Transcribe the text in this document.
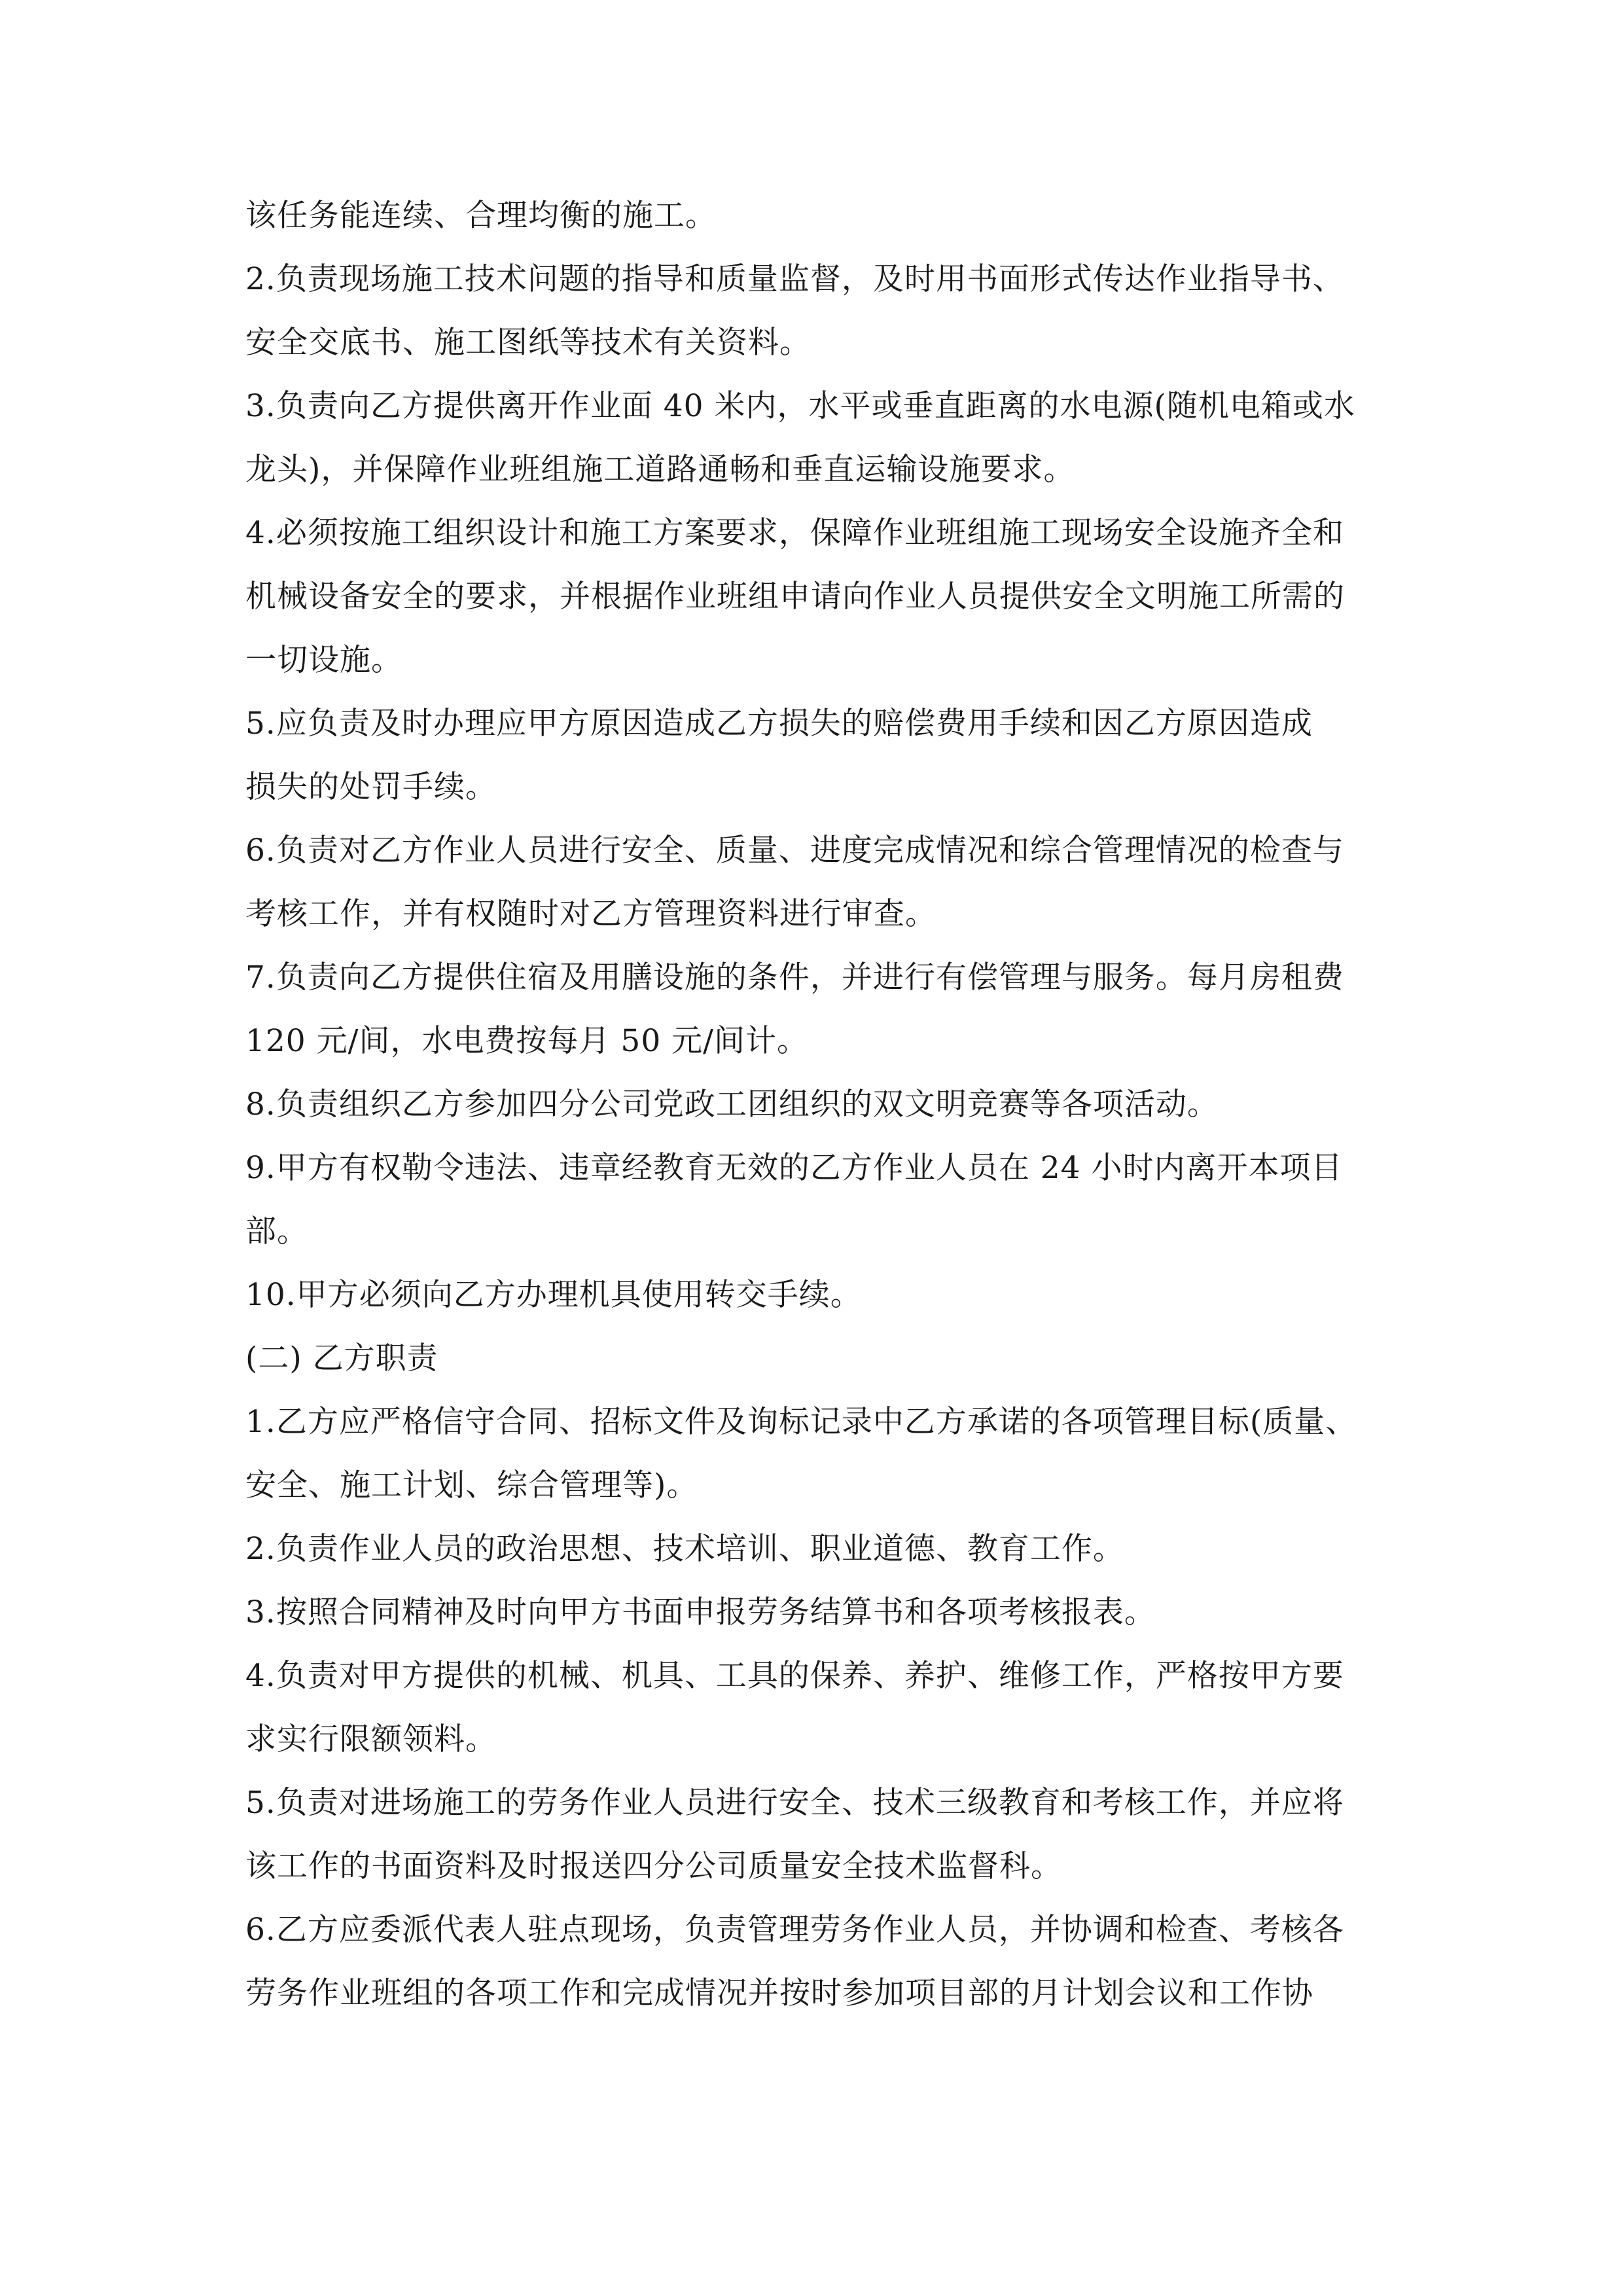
该任务能连续、合理均衡的施工。
2.负责现场施工技术问题的指导和质量监督，及时用书面形式传达作业指导书、
安全交底书、施工图纸等技术有关资料。
3.负责向乙方提供离开作业面 40 米内，水平或垂直距离的水电源(随机电箱或水
龙头)，并保障作业班组施工道路通畅和垂直运输设施要求。
4.必须按施工组织设计和施工方案要求，保障作业班组施工现场安全设施齐全和
机械设备安全的要求，并根据作业班组申请向作业人员提供安全文明施工所需的
一切设施。
5.应负责及时办理应甲方原因造成乙方损失的赔偿费用手续和因乙方原因造成
损失的处罚手续。
6.负责对乙方作业人员进行安全、质量、进度完成情况和综合管理情况的检查与
考核工作，并有权随时对乙方管理资料进行审查。
7.负责向乙方提供住宿及用膳设施的条件，并进行有偿管理与服务。每月房租费
120 元/间，水电费按每月 50 元/间计。
8.负责组织乙方参加四分公司党政工团组织的双文明竞赛等各项活动。
9.甲方有权勒令违法、违章经教育无效的乙方作业人员在 24 小时内离开本项目
部。
10.甲方必须向乙方办理机具使用转交手续。
(二) 乙方职责
1.乙方应严格信守合同、招标文件及询标记录中乙方承诺的各项管理目标(质量、
安全、施工计划、综合管理等)。
2.负责作业人员的政治思想、技术培训、职业道德、教育工作。
3.按照合同精神及时向甲方书面申报劳务结算书和各项考核报表。
4.负责对甲方提供的机械、机具、工具的保养、养护、维修工作，严格按甲方要
求实行限额领料。
5.负责对进场施工的劳务作业人员进行安全、技术三级教育和考核工作，并应将
该工作的书面资料及时报送四分公司质量安全技术监督科。
6.乙方应委派代表人驻点现场，负责管理劳务作业人员，并协调和检查、考核各
劳务作业班组的各项工作和完成情况并按时参加项目部的月计划会议和工作协
